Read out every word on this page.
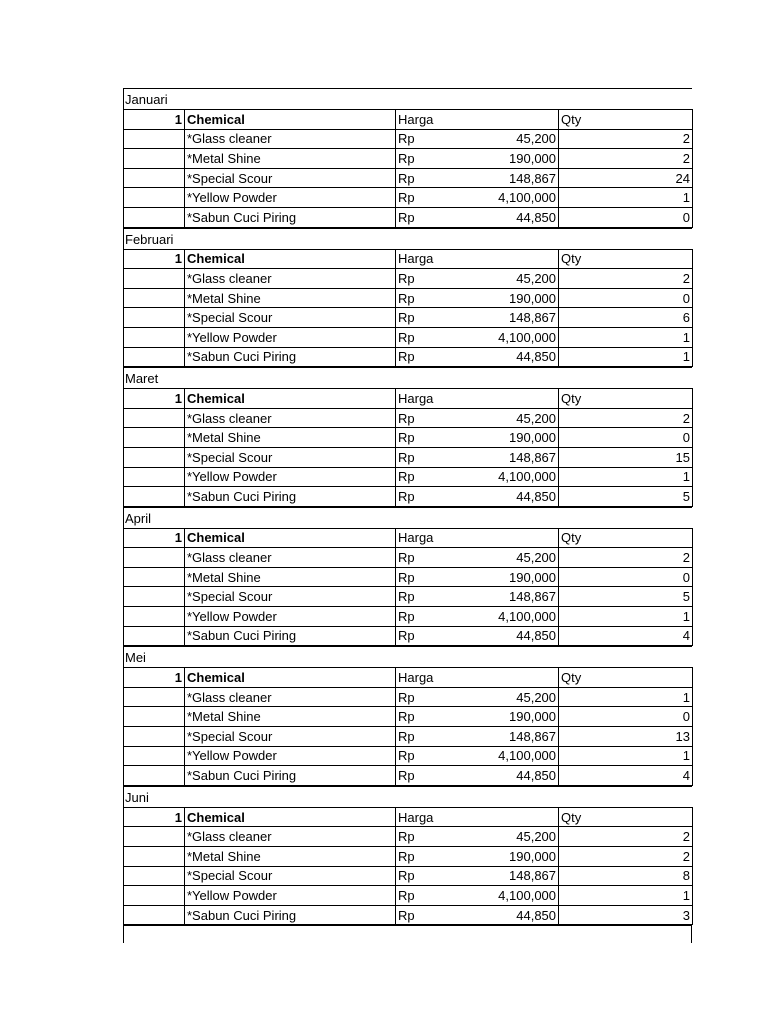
Januari
1	Chemical	Harga		Qty
	*Glass cleaner	Rp	45,200	2
	*Metal Shine	Rp	190,000	2
	*Special Scour	Rp	148,867	24
	*Yellow Powder	Rp	4,100,000	1
	*Sabun Cuci Piring	Rp	44,850	0
Februari
1	Chemical	Harga		Qty
	*Glass cleaner	Rp	45,200	2
	*Metal Shine	Rp	190,000	0
	*Special Scour	Rp	148,867	6
	*Yellow Powder	Rp	4,100,000	1
	*Sabun Cuci Piring	Rp	44,850	1
Maret
1	Chemical	Harga		Qty
	*Glass cleaner	Rp	45,200	2
	*Metal Shine	Rp	190,000	0
	*Special Scour	Rp	148,867	15
	*Yellow Powder	Rp	4,100,000	1
	*Sabun Cuci Piring	Rp	44,850	5
April
1	Chemical	Harga		Qty
	*Glass cleaner	Rp	45,200	2
	*Metal Shine	Rp	190,000	0
	*Special Scour	Rp	148,867	5
	*Yellow Powder	Rp	4,100,000	1
	*Sabun Cuci Piring	Rp	44,850	4
Mei
1	Chemical	Harga		Qty
	*Glass cleaner	Rp	45,200	1
	*Metal Shine	Rp	190,000	0
	*Special Scour	Rp	148,867	13
	*Yellow Powder	Rp	4,100,000	1
	*Sabun Cuci Piring	Rp	44,850	4
Juni
1	Chemical	Harga		Qty
	*Glass cleaner	Rp	45,200	2
	*Metal Shine	Rp	190,000	2
	*Special Scour	Rp	148,867	8
	*Yellow Powder	Rp	4,100,000	1
	*Sabun Cuci Piring	Rp	44,850	3
